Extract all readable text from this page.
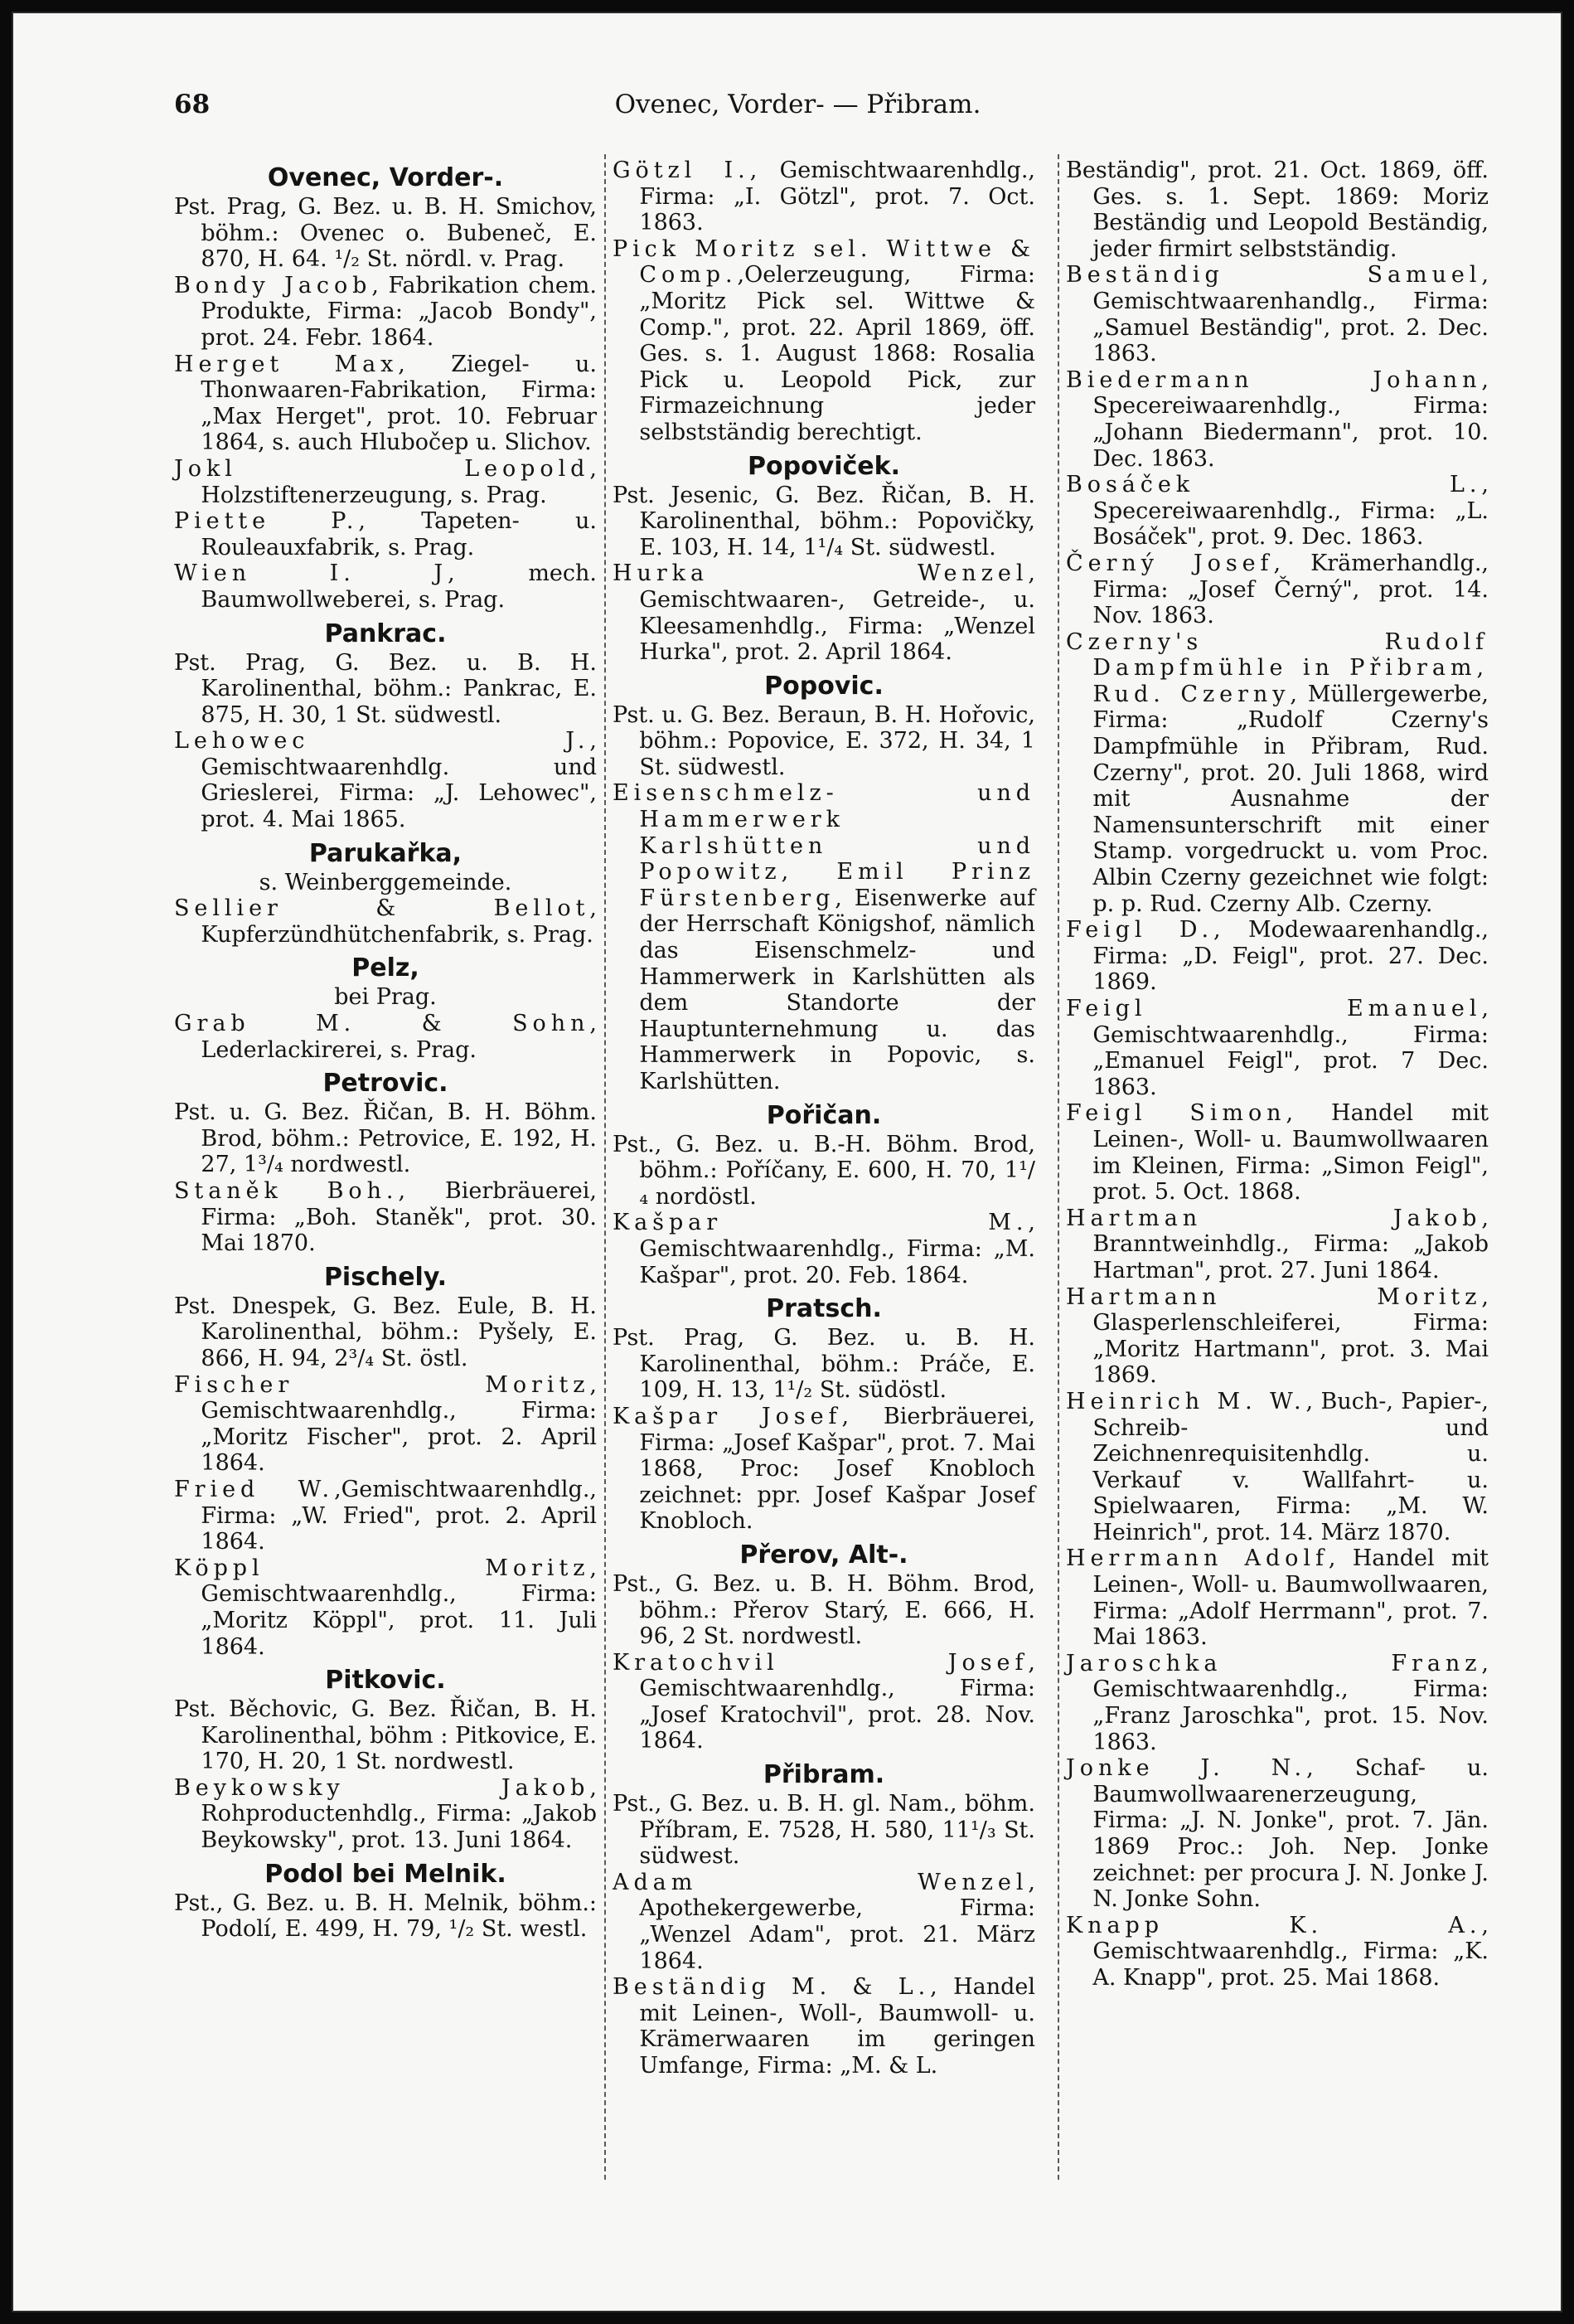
68	Ovenec, Vorder- — Přibram.
Ovenec, Vorder-.

Pst. Prag, G. Bez. u. B. H. Smichov, böhm.: Ovenec o. Bubeneč, E. 870, H. 64. ¹/₂ St. nördl. v. Prag.

Bondy Jacob, Fabrikation chem. Produkte, Firma: „Jacob Bondy", prot. 24. Febr. 1864.

Herget Max, Ziegel- u. Thonwaaren-Fabrikation, Firma: „Max Herget", prot. 10. Februar 1864, s. auch Hlubočep u. Slichov.

Jokl Leopold, Holzstiftenerzeugung, s. Prag.

Piette P., Tapeten- u. Rouleauxfabrik, s. Prag.

Wien I. J, mech. Baumwollweberei, s. Prag.

Pankrac.

Pst. Prag, G. Bez. u. B. H. Karolinenthal, böhm.: Pankrac, E. 875, H. 30, 1 St. südwestl.

Lehowec J., Gemischtwaarenhdlg. und Grieslerei, Firma: „J. Lehowec", prot. 4. Mai 1865.

Parukařka,

s. Weinberggemeinde.

Sellier & Bellot, Kupferzündhütchenfabrik, s. Prag.

Pelz,

bei Prag.

Grab M. & Sohn, Lederlackirerei, s. Prag.

Petrovic.

Pst. u. G. Bez. Řičan, B. H. Böhm. Brod, böhm.: Petrovice, E. 192, H. 27, 1³/₄ nordwestl.

Staněk Boh., Bierbräuerei, Firma: „Boh. Staněk", prot. 30. Mai 1870.

Pischely.

Pst. Dnespek, G. Bez. Eule, B. H. Karolinenthal, böhm.: Pyšely, E. 866, H. 94, 2³/₄ St. östl.

Fischer Moritz, Gemischtwaarenhdlg., Firma: „Moritz Fischer", prot. 2. April 1864.

Fried W.,Gemischtwaarenhdlg., Firma: „W. Fried", prot. 2. April 1864.

Köppl Moritz, Gemischtwaarenhdlg., Firma: „Moritz Köppl", prot. 11. Juli 1864.

Pitkovic.

Pst. Běchovic, G. Bez. Řičan, B. H. Karolinenthal, böhm : Pitkovice, E. 170, H. 20, 1 St. nordwestl.

Beykowsky Jakob, Rohproductenhdlg., Firma: „Jakob Beykowsky", prot. 13. Juni 1864.

Podol bei Melnik.

Pst., G. Bez. u. B. H. Melnik, böhm.: Podolí, E. 499, H. 79, ¹/₂ St. westl.

Götzl I., Gemischtwaarenhdlg., Firma: „I. Götzl", prot. 7. Oct. 1863.

Pick Moritz sel. Wittwe & Comp.,Oelerzeugung, Firma: „Moritz Pick sel. Wittwe & Comp.", prot. 22. April 1869, öff. Ges. s. 1. August 1868: Rosalia Pick u. Leopold Pick, zur Firmazeichnung jeder selbstständig berechtigt.

Popoviček.

Pst. Jesenic, G. Bez. Řičan, B. H. Karolinenthal, böhm.: Popovičky, E. 103, H. 14, 1¹/₄ St. südwestl.

Hurka Wenzel, Gemischtwaaren-, Getreide-, u. Kleesamenhdlg., Firma: „Wenzel Hurka", prot. 2. April 1864.

Popovic.

Pst. u. G. Bez. Beraun, B. H. Hořovic, böhm.: Popovice, E. 372, H. 34, 1 St. südwestl.

Eisenschmelz- und Hammerwerk Karlshütten und Popowitz, Emil Prinz Fürstenberg, Eisenwerke auf der Herrschaft Königshof, nämlich das Eisenschmelz- und Hammerwerk in Karlshütten als dem Standorte der Hauptunternehmung u. das Hammerwerk in Popovic, s. Karlshütten.

Pořičan.

Pst., G. Bez. u. B.-H. Böhm. Brod, böhm.: Poříčany, E. 600, H. 70, 1¹/₄ nordöstl.

Kašpar M., Gemischtwaarenhdlg., Firma: „M. Kašpar", prot. 20. Feb. 1864.

Pratsch.

Pst. Prag, G. Bez. u. B. H. Karolinenthal, böhm.: Práče, E. 109, H. 13, 1¹/₂ St. südöstl.

Kašpar Josef, Bierbräuerei, Firma: „Josef Kašpar", prot. 7. Mai 1868, Proc: Josef Knobloch zeichnet: ppr. Josef Kašpar Josef Knobloch.

Přerov, Alt-.

Pst., G. Bez. u. B. H. Böhm. Brod, böhm.: Přerov Starý, E. 666, H. 96, 2 St. nordwestl.

Kratochvil Josef, Gemischtwaarenhdlg., Firma: „Josef Kratochvil", prot. 28. Nov. 1864.

Přibram.

Pst., G. Bez. u. B. H. gl. Nam., böhm. Příbram, E. 7528, H. 580, 11¹/₃ St. südwest.

Adam Wenzel, Apothekergewerbe, Firma: „Wenzel Adam", prot. 21. März 1864.

Beständig M. & L., Handel mit Leinen-, Woll-, Baumwoll- u. Krämerwaaren im geringen Umfange, Firma: „M. & L.

Beständig", prot. 21. Oct. 1869, öff. Ges. s. 1. Sept. 1869: Moriz Beständig und Leopold Beständig, jeder firmirt selbstständig.

Beständig Samuel, Gemischtwaarenhandlg., Firma: „Samuel Beständig", prot. 2. Dec. 1863.

Biedermann Johann, Specereiwaarenhdlg., Firma: „Johann Biedermann", prot. 10. Dec. 1863.

Bosáček L., Specereiwaarenhdlg., Firma: „L. Bosáček", prot. 9. Dec. 1863.

Černý Josef, Krämerhandlg., Firma: „Josef Černý", prot. 14. Nov. 1863.

Czerny's Rudolf Dampfmühle in Přibram, Rud. Czerny, Müllergewerbe, Firma: „Rudolf Czerny's Dampfmühle in Přibram, Rud. Czerny", prot. 20. Juli 1868, wird mit Ausnahme der Namensunterschrift mit einer Stamp. vorgedruckt u. vom Proc. Albin Czerny gezeichnet wie folgt: p. p. Rud. Czerny Alb. Czerny.

Feigl D., Modewaarenhandlg., Firma: „D. Feigl", prot. 27. Dec. 1869.

Feigl Emanuel, Gemischtwaarenhdlg., Firma: „Emanuel Feigl", prot. 7 Dec. 1863.

Feigl Simon, Handel mit Leinen-, Woll- u. Baumwollwaaren im Kleinen, Firma: „Simon Feigl", prot. 5. Oct. 1868.

Hartman Jakob, Branntweinhdlg., Firma: „Jakob Hartman", prot. 27. Juni 1864.

Hartmann Moritz, Glasperlenschleiferei, Firma: „Moritz Hartmann", prot. 3. Mai 1869.

Heinrich M. W., Buch-, Papier-, Schreib- und Zeichnenrequisitenhdlg. u. Verkauf v. Wallfahrt- u. Spielwaaren, Firma: „M. W. Heinrich", prot. 14. März 1870.

Herrmann Adolf, Handel mit Leinen-, Woll- u. Baumwollwaaren, Firma: „Adolf Herrmann", prot. 7. Mai 1863.

Jaroschka Franz, Gemischtwaarenhdlg., Firma: „Franz Jaroschka", prot. 15. Nov. 1863.

Jonke J. N., Schaf- u. Baumwollwaarenerzeugung, Firma: „J. N. Jonke", prot. 7. Jän. 1869 Proc.: Joh. Nep. Jonke zeichnet: per procura J. N. Jonke J. N. Jonke Sohn.

Knapp K. A., Gemischtwaarenhdlg., Firma: „K. A. Knapp", prot. 25. Mai 1868.
